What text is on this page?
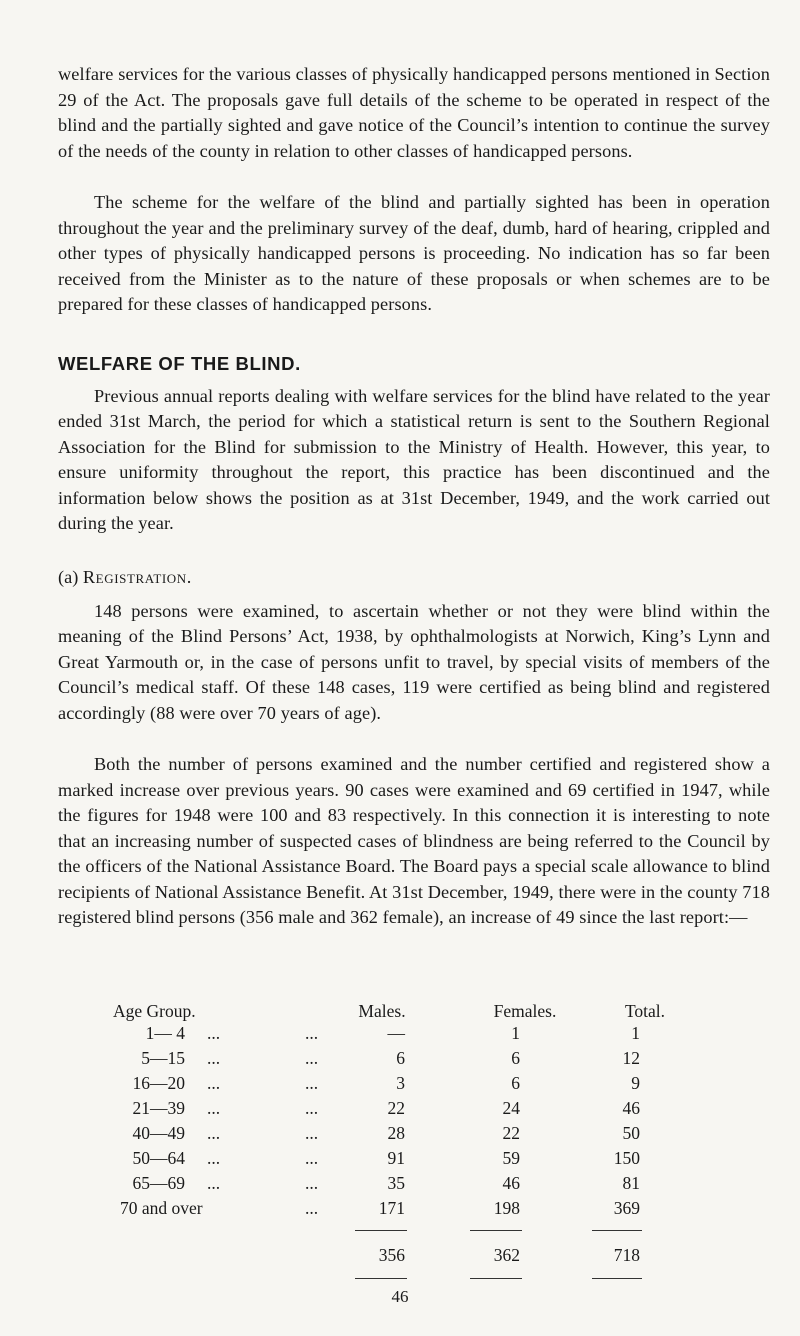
welfare services for the various classes of physically handicapped persons mentioned in Section 29 of the Act. The proposals gave full details of the scheme to be operated in respect of the blind and the partially sighted and gave notice of the Council’s intention to continue the survey of the needs of the county in relation to other classes of handicapped persons.

The scheme for the welfare of the blind and partially sighted has been in operation throughout the year and the preliminary survey of the deaf, dumb, hard of hearing, crippled and other types of physically handicapped persons is proceeding. No indication has so far been received from the Minister as to the nature of these proposals or when schemes are to be prepared for these classes of handicapped persons.

WELFARE OF THE BLIND.

Previous annual reports dealing with welfare services for the blind have related to the year ended 31st March, the period for which a statistical return is sent to the Southern Regional Association for the Blind for submission to the Ministry of Health. However, this year, to ensure uniformity throughout the report, this practice has been discontinued and the information below shows the position as at 31st December, 1949, and the work carried out during the year.

(a) Registration.

148 persons were examined, to ascertain whether or not they were blind within the meaning of the Blind Persons’ Act, 1938, by ophthalmologists at Norwich, King’s Lynn and Great Yarmouth or, in the case of persons unfit to travel, by special visits of members of the Council’s medical staff. Of these 148 cases, 119 were certified as being blind and registered accordingly (88 were over 70 years of age).

Both the number of persons examined and the number certified and registered show a marked increase over previous years. 90 cases were examined and 69 certified in 1947, while the figures for 1948 were 100 and 83 respectively. In this connection it is interesting to note that an increasing number of suspected cases of blindness are being referred to the Council by the officers of the National Assistance Board. The Board pays a special scale allowance to blind recipients of National Assistance Benefit. At 31st December, 1949, there were in the county 718 registered blind persons (356 male and 362 female), an increase of 49 since the last report:—

Age Group.	Males.	Females.	Total.
1— 4 ...	...	—	1	1
5—15 ...	...	6	6	12
16—20 ...	...	3	6	9
21—39 ...	...	22	24	46
40—49 ...	...	28	22	50
50—64 ...	...	91	59	150
65—69 ...	...	35	46	81
70 and over	...	171	198	369
356	362	718
46
